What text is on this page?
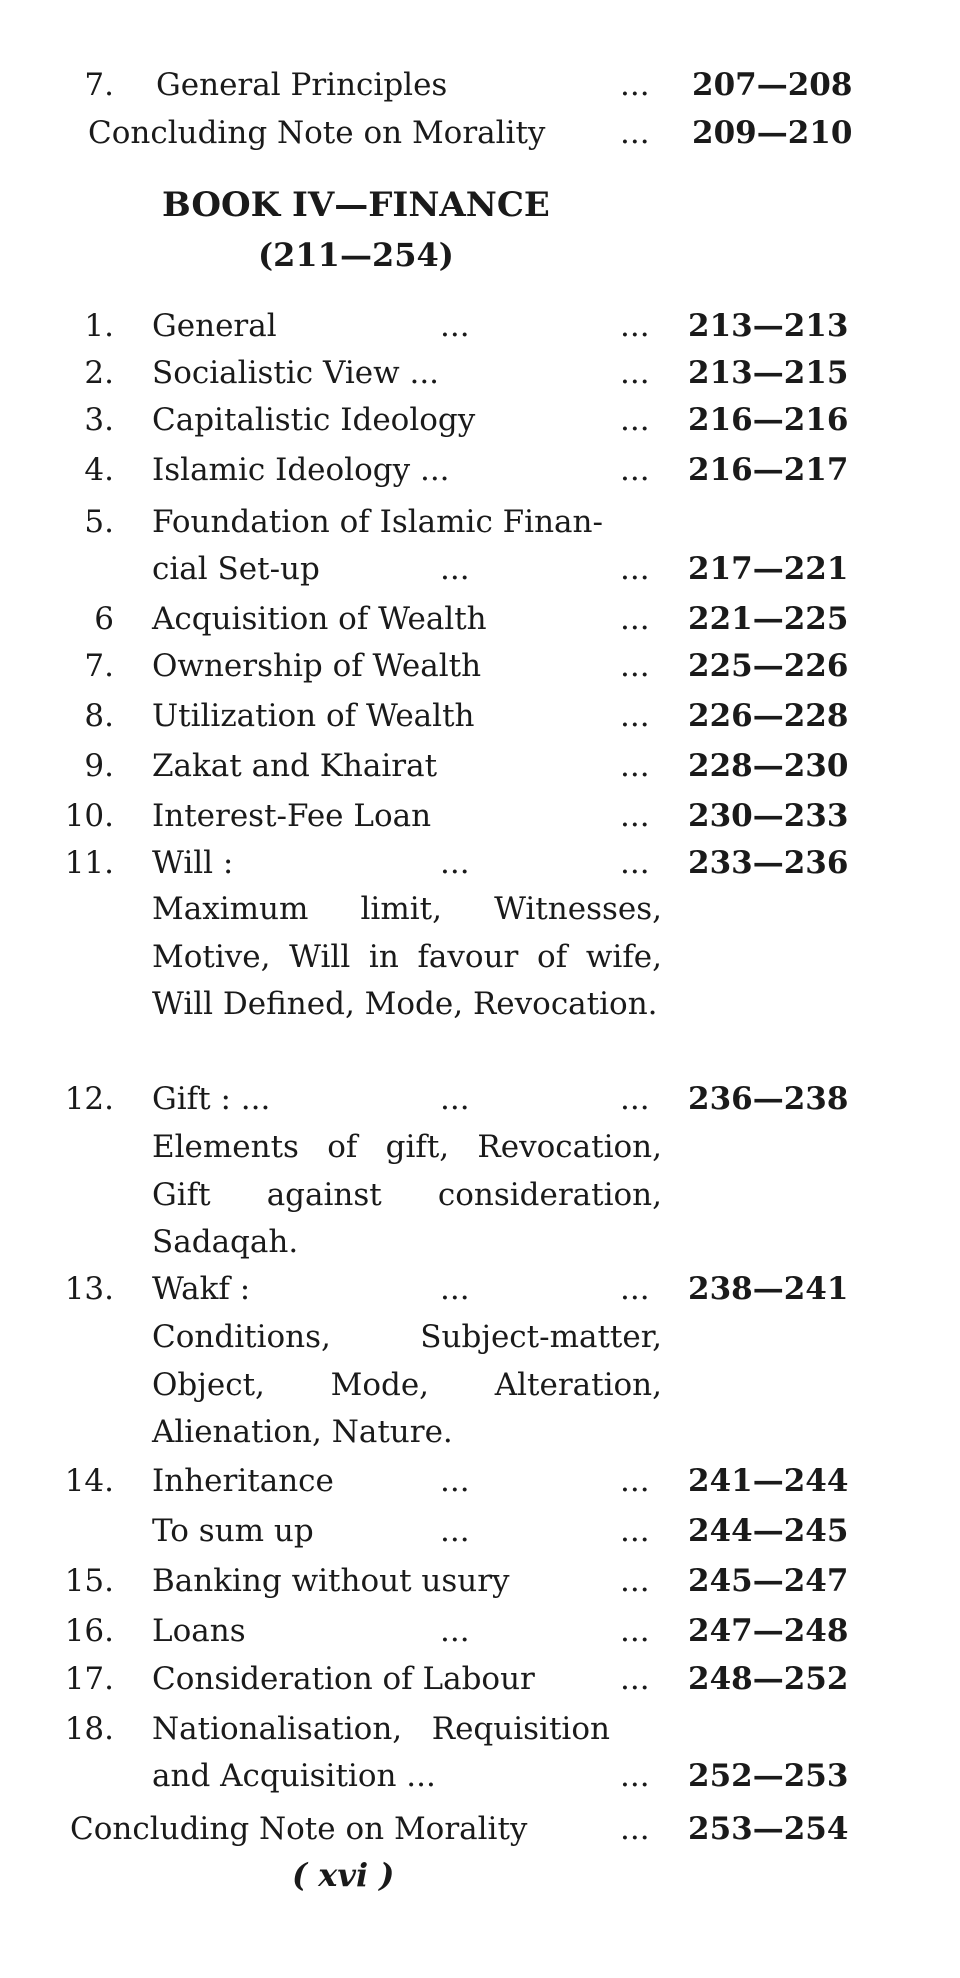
7. General Principles	... 207—208
Concluding Note on Morality ... 209—210
BOOK IV—FINANCE
(211—254)
1. General	...	... 213—213
2. Socialistic View ...	... 213—215
3. Capitalistic Ideology	... 216—216
4. Islamic Ideology ...	... 216—217
5. Foundation of Islamic Finan-
cial Set-up	...	... 217—221
6 Acquisition of Wealth	... 221—225
7. Ownership of Wealth	... 225—226
8. Utilization of Wealth	... 226—228
9. Zakat and Khairat	... 228—230
10. Interest-Fee Loan	... 230—233
11. Will :	...	... 233—236
Maximum limit, Witnesses, Motive, Will in favour of wife, Will Defined, Mode, Revocation.
12. Gift : ...	...	... 236—238
Elements of gift, Revocation, Gift against consideration, Sadaqah.
13. Wakf :	...	... 238—241
Conditions, Subject-matter, Object, Mode, Alteration, Alienation, Nature.
14. Inheritance	...	... 241—244
To sum up	...	... 244—245
15. Banking without usury	... 245—247
16. Loans	...	... 247—248
17. Consideration of Labour	... 248—252
18. Nationalisation,   Requisition
and Acquisition ...	... 252—253
Concluding Note on Morality	... 253—254
( xvi )
